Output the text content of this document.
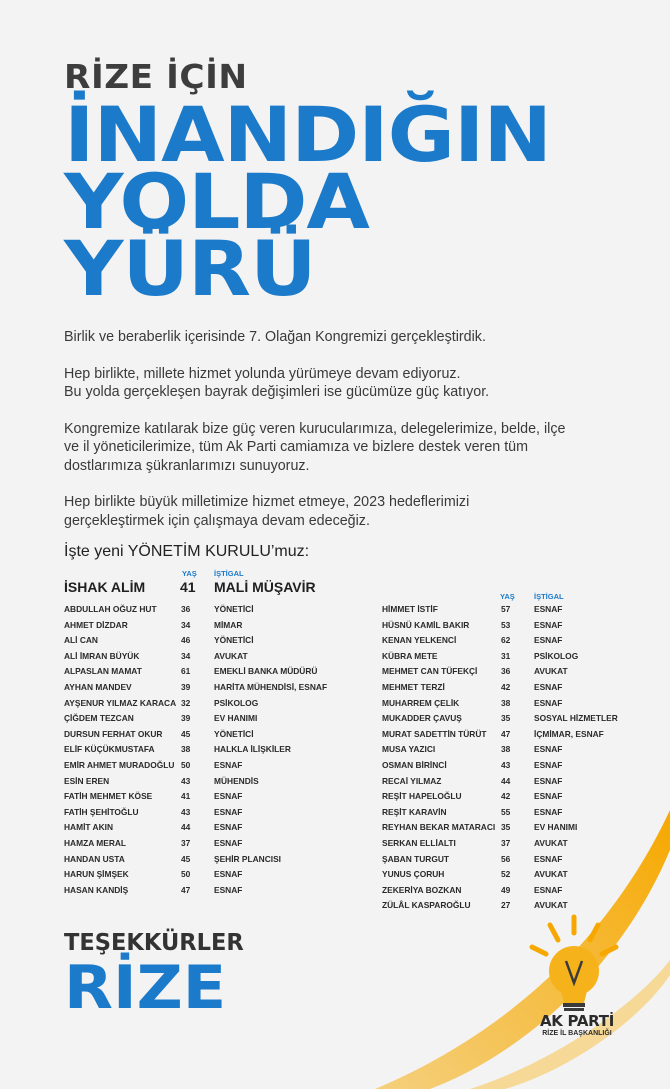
RİZE İÇİN
İNANDIĞIN
YOLDA
YÜRÜ

Birlik ve beraberlik içerisinde 7. Olağan Kongremizi gerçekleştirdik.

Hep birlikte, millete hizmet yolunda yürümeye devam ediyoruz.
Bu yolda gerçekleşen bayrak değişimleri ise gücümüze güç katıyor.

Kongremize katılarak bize güç veren kurucularımıza, delegelerimize, belde, ilçe
ve il yöneticilerimize, tüm Ak Parti camiamıza ve bizlere destek veren tüm
dostlarımıza şükranlarımızı sunuyoruz.

Hep birlikte büyük milletimize hizmet etmeye, 2023 hedeflerimizi
gerçekleştirmek için çalışmaya devam edeceğiz.

İşte yeni YÖNETİM KURULU’muz:
YAŞ İŞTİGAL
YAŞ	İŞTİGAL
İSHAK ALİM 41 MALİ MÜŞAVİR
ABDULLAH OĞUZ HUT	36	YÖNETİCİ
AHMET DİZDAR	34	MİMAR
ALİ CAN	46	YÖNETİCİ
ALİ İMRAN BÜYÜK	34	AVUKAT
ALPASLAN MAMAT	61	EMEKLİ BANKA MÜDÜRÜ
AYHAN MANDEV	39	HARİTA MÜHENDİSİ, ESNAF
AYŞENUR YILMAZ KARACA 32	PSİKOLOG
ÇİĞDEM TEZCAN	39	EV HANIMI
DURSUN FERHAT OKUR 45	YÖNETİCİ
ELİF KÜÇÜKMUSTAFA	38	HALKLA İLİŞKİLER
EMİR AHMET MURADOĞLU 50	ESNAF
ESİN EREN	43	MÜHENDİS
FATİH MEHMET KÖSE	41	ESNAF
FATİH ŞEHİTOĞLU	43	ESNAF
HAMİT AKIN	44	ESNAF
HAMZA MERAL	37	ESNAF
HANDAN USTA	45	ŞEHİR PLANCISI
HARUN ŞİMŞEK	50	ESNAF
HASAN KANDİŞ	47	ESNAF
HİMMET İSTİF	57	ESNAF
HÜSNÜ KAMİL BAKIR	53	ESNAF
KENAN YELKENCİ	62	ESNAF
KÜBRA METE	31	PSİKOLOG
MEHMET CAN TÜFEKÇİ	36	AVUKAT
MEHMET TERZİ	42	ESNAF
MUHARREM ÇELİK	38	ESNAF
MUKADDER ÇAVUŞ	35	SOSYAL HİZMETLER
MURAT SADETTİN TÜRÜT 47	İÇMİMAR, ESNAF
MUSA YAZICI	38	ESNAF
OSMAN BİRİNCİ	43	ESNAF
RECAİ YILMAZ	44	ESNAF
REŞİT HAPELOĞLU	42	ESNAF
REŞİT KARAVİN	55	ESNAF
REYHAN BEKAR MATARACI 35	EV HANIMI
SERKAN ELLİALTI	37	AVUKAT
ŞABAN TURGUT	56	ESNAF
YUNUS ÇORUH	52	AVUKAT
ZEKERİYA BOZKAN	49	ESNAF
ZÜLÂL KASPAROĞLU	27	AVUKAT
TEŞEKKÜRLER
RİZE	AK PARTİ
RİZE İL BAŞKANLIĞI
